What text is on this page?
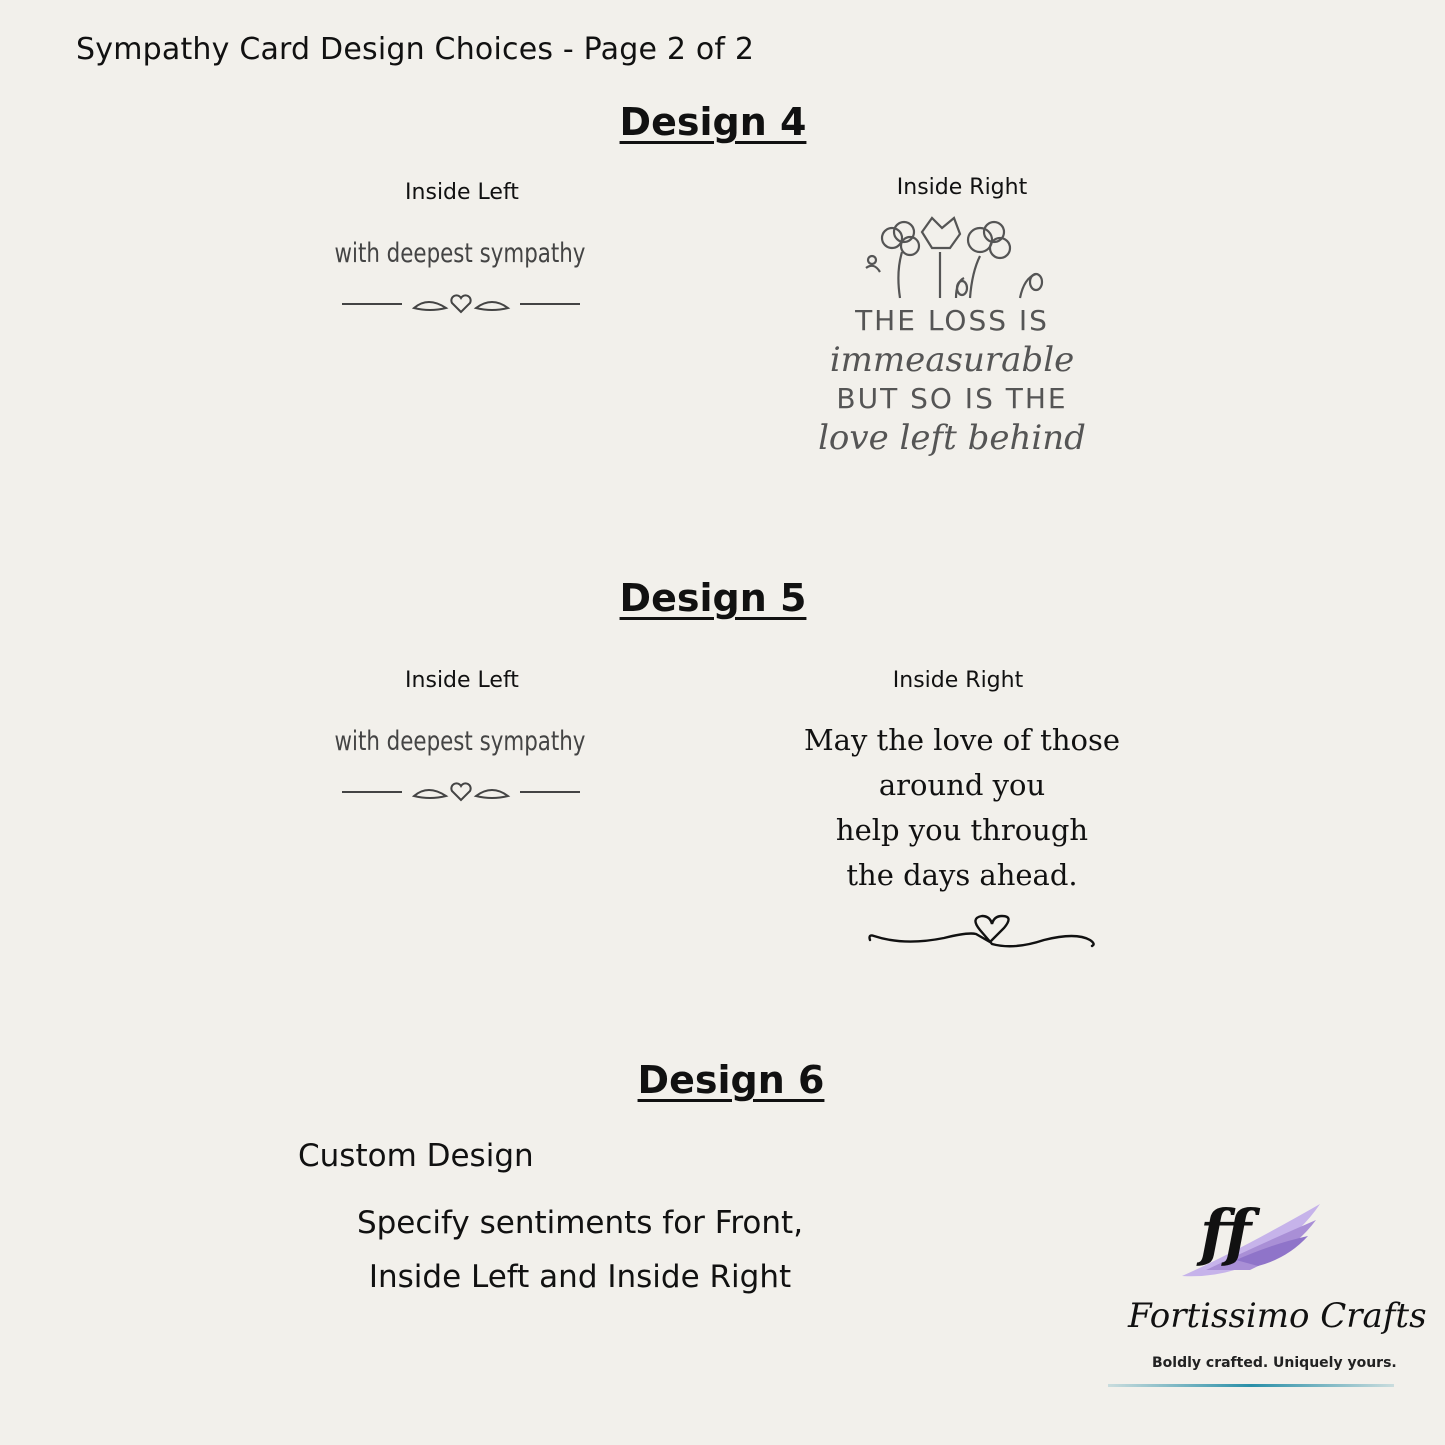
Sympathy Card Design Choices - Page 2 of 2
Design 4
Inside Left
with deepest sympathy
Inside Right
THE LOSS IS
immeasurable
BUT SO IS THE
love left behind
Design 5
Inside Left
with deepest sympathy
Inside Right
May the love of those
around you
help you through
the days ahead.
Design 6
Custom Design
Specify sentiments for Front,
Inside Left and Inside Right
ff
Fortissimo Crafts
Boldly crafted. Uniquely yours.
